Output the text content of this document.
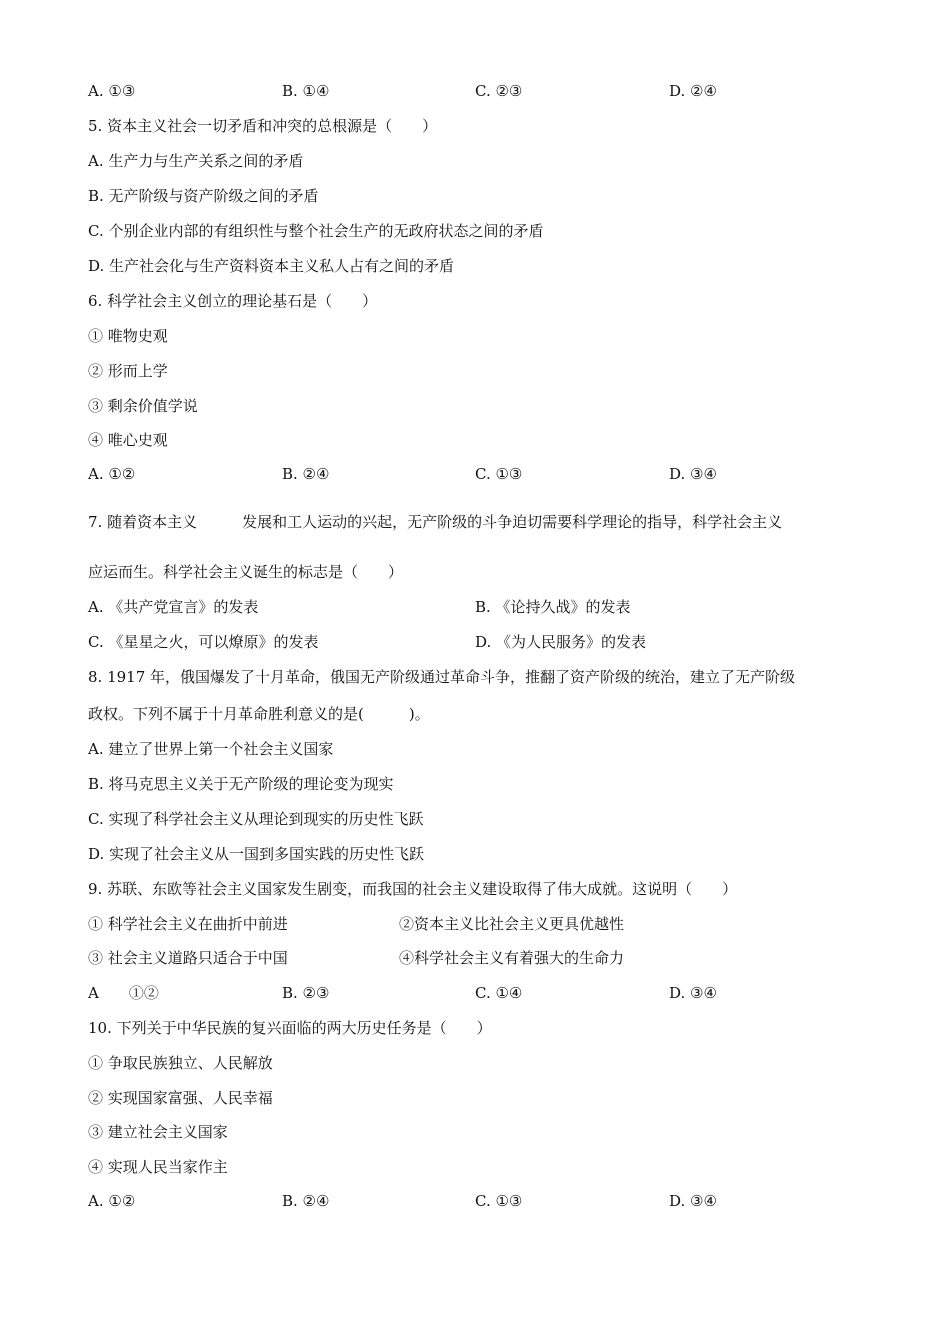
A. ①③	B. ①④	C. ②③	D. ②④
5. 资本主义社会一切矛盾和冲突的总根源是（　　）
A. 生产力与生产关系之间的矛盾
B. 无产阶级与资产阶级之间的矛盾
C. 个别企业内部的有组织性与整个社会生产的无政府状态之间的矛盾
D. 生产社会化与生产资料资本主义私人占有之间的矛盾
6. 科学社会主义创立的理论基石是（　　）
① 唯物史观
② 形而上学
③ 剩余价值学说
④ 唯心史观
A. ①②	B. ②④	C. ①③	D. ③④
7. 随着资本主义　　　发展和工人运动的兴起，无产阶级的斗争迫切需要科学理论的指导，科学社会主义
应运而生。科学社会主义诞生的标志是（　　）
A. 《共产党宣言》的发表	B. 《论持久战》的发表
C. 《星星之火，可以燎原》的发表	D. 《为人民服务》的发表
8. 1917 年，俄国爆发了十月革命，俄国无产阶级通过革命斗争，推翻了资产阶级的统治，建立了无产阶级
政权。下列不属于十月革命胜利意义的是(　　　)。
A. 建立了世界上第一个社会主义国家
B. 将马克思主义关于无产阶级的理论变为现实
C. 实现了科学社会主义从理论到现实的历史性飞跃
D. 实现了社会主义从一国到多国实践的历史性飞跃
9. 苏联、东欧等社会主义国家发生剧变，而我国的社会主义建设取得了伟大成就。这说明（　　）
① 科学社会主义在曲折中前进	②资本主义比社会主义更具优越性
③ 社会主义道路只适合于中国	④科学社会主义有着强大的生命力
A　　①②	B. ②③	C. ①④	D. ③④
10. 下列关于中华民族的复兴面临的两大历史任务是（　　）
① 争取民族独立、人民解放
② 实现国家富强、人民幸福
③ 建立社会主义国家
④ 实现人民当家作主
A. ①②	B. ②④	C. ①③	D. ③④
